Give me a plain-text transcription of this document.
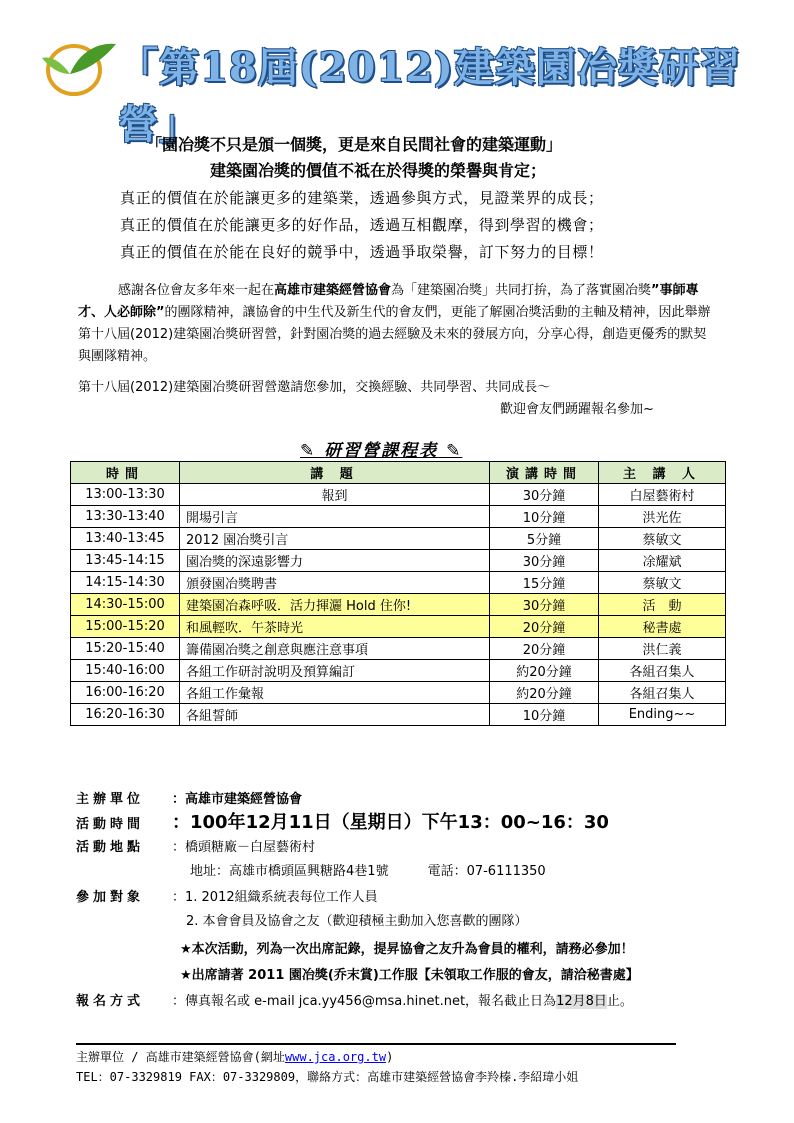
「第18屆(2012)建築園冶獎研習營」
「園冶獎不只是頒一個獎，更是來自民間社會的建築運動」
建築園冶獎的價值不祗在於得獎的榮譽與肯定；
真正的價值在於能讓更多的建築業，透過參與方式，見證業界的成長；
真正的價值在於能讓更多的好作品，透過互相觀摩，得到學習的機會；
真正的價值在於能在良好的競爭中，透過爭取榮譽，訂下努力的目標！
感謝各位會友多年來一起在高雄市建築經營協會為「建築園冶獎」共同打拚，為了落實園冶獎”事師專才、人必師除”的團隊精神，讓協會的中生代及新生代的會友們，更能了解園冶獎活動的主軸及精神，因此舉辦第十八屆(2012)建築園冶獎研習營，針對園冶獎的過去經驗及未來的發展方向，分享心得，創造更優秀的默契與團隊精神。
第十八屆(2012)建築園冶獎研習營邀請您參加，交換經驗、共同學習、共同成長～
歡迎會友們踴躍報名參加~
✎ 研習營課程表 ✎
時間	講 題	演講時間	主 講 人
13:00-13:30	報到	30分鐘	白屋藝術村
13:30-13:40	開場引言	10分鐘	洪光佐
13:40-13:45	2012 園冶獎引言	5分鐘	蔡敏文
13:45-14:15	園冶獎的深遠影響力	30分鐘	凃耀斌
14:15-14:30	頒發園冶獎聘書	15分鐘	蔡敏文
14:30-15:00	建築園冶森呼吸．活力揮灑 Hold 住你!	30分鐘	活　動
15:00-15:20	和風輕吹．午茶時光	20分鐘	秘書處
15:20-15:40	籌備園冶獎之創意與應注意事項	20分鐘	洪仁義
15:40-16:00	各組工作研討說明及預算編訂	約20分鐘	各組召集人
16:00-16:20	各組工作彙報	約20分鐘	各組召集人
16:20-16:30	各組誓師	10分鐘	Ending~~
主辦單位 ：高雄市建築經營協會
活動時間 ：100年12月11日（星期日）下午13：00~16：30
活動地點 ：橋頭糖廠－白屋藝術村
地址：高雄市橋頭區興糖路4巷1號　　　	電話：07-6111350
參加對象 ：1. 2012組織系統表每位工作人員
2. 本會會員及協會之友（歡迎積極主動加入您喜歡的團隊）
★本次活動，列為一次出席記錄，提昇協會之友升為會員的權利，請務必參加！
★出席請著 2011 園冶獎(乔末賞)工作服【未領取工作服的會友，請洽秘書處】
報名方式 ：傳真報名或 e-mail jca.yy456@msa.hinet.net，報名截止日為12月8日止。
主辦單位 / 高雄市建築經營協會(網址www.jca.org.tw)
TEL：07-3329819 FAX：07-3329809，聯絡方式：高雄市建築經營協會李羚榛.李紹瑋小姐
